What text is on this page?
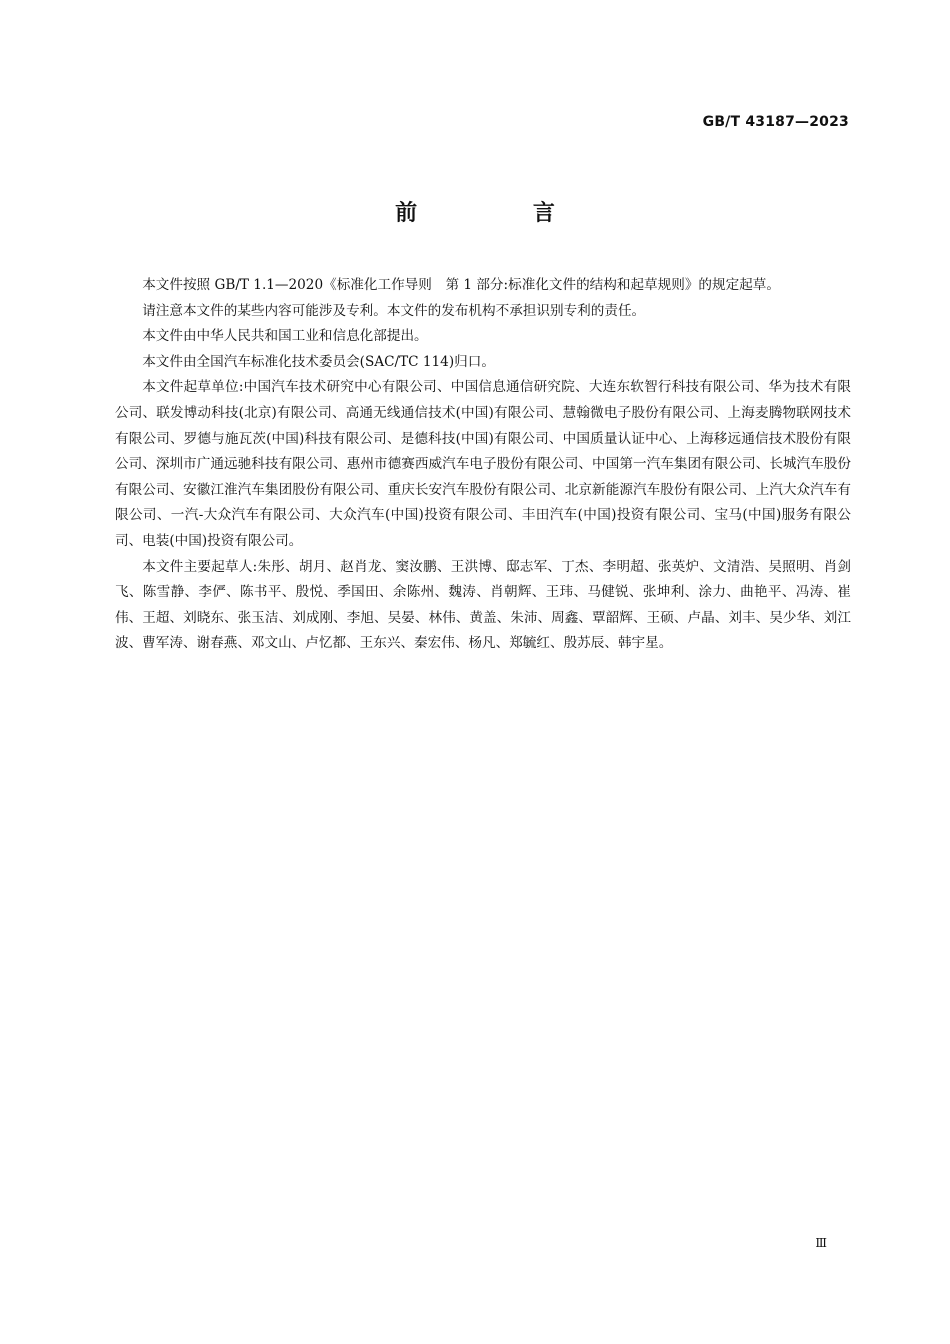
GB/T 43187—2023
前 言

本文件按照 GB/T 1.1—2020《标准化工作导则　第 1 部分:标准化文件的结构和起草规则》的规定起草。

请注意本文件的某些内容可能涉及专利。本文件的发布机构不承担识别专利的责任。

本文件由中华人民共和国工业和信息化部提出。

本文件由全国汽车标准化技术委员会(SAC/TC 114)归口。

本文件起草单位:中国汽车技术研究中心有限公司、中国信息通信研究院、大连东软智行科技有限公司、华为技术有限公司、联发博动科技(北京)有限公司、高通无线通信技术(中国)有限公司、慧翰微电子股份有限公司、上海麦腾物联网技术有限公司、罗德与施瓦茨(中国)科技有限公司、是德科技(中国)有限公司、中国质量认证中心、上海移远通信技术股份有限公司、深圳市广通远驰科技有限公司、惠州市德赛西威汽车电子股份有限公司、中国第一汽车集团有限公司、长城汽车股份有限公司、安徽江淮汽车集团股份有限公司、重庆长安汽车股份有限公司、北京新能源汽车股份有限公司、上汽大众汽车有限公司、一汽-大众汽车有限公司、大众汽车(中国)投资有限公司、丰田汽车(中国)投资有限公司、宝马(中国)服务有限公司、电装(中国)投资有限公司。

本文件主要起草人:朱彤、胡月、赵肖龙、窦汝鹏、王洪博、邸志军、丁杰、李明超、张英炉、文清浩、吴照明、肖剑飞、陈雪静、李俨、陈书平、殷悦、季国田、余陈州、魏涛、肖朝辉、王玮、马健锐、张坤利、涂力、曲艳平、冯涛、崔伟、王超、刘晓东、张玉洁、刘成刚、李旭、吴晏、林伟、黄盖、朱沛、周鑫、覃韶辉、王硕、卢晶、刘丰、吴少华、刘江波、曹军涛、谢春燕、邓文山、卢忆都、王东兴、秦宏伟、杨凡、郑毓红、殷苏辰、韩宇星。

Ⅲ
